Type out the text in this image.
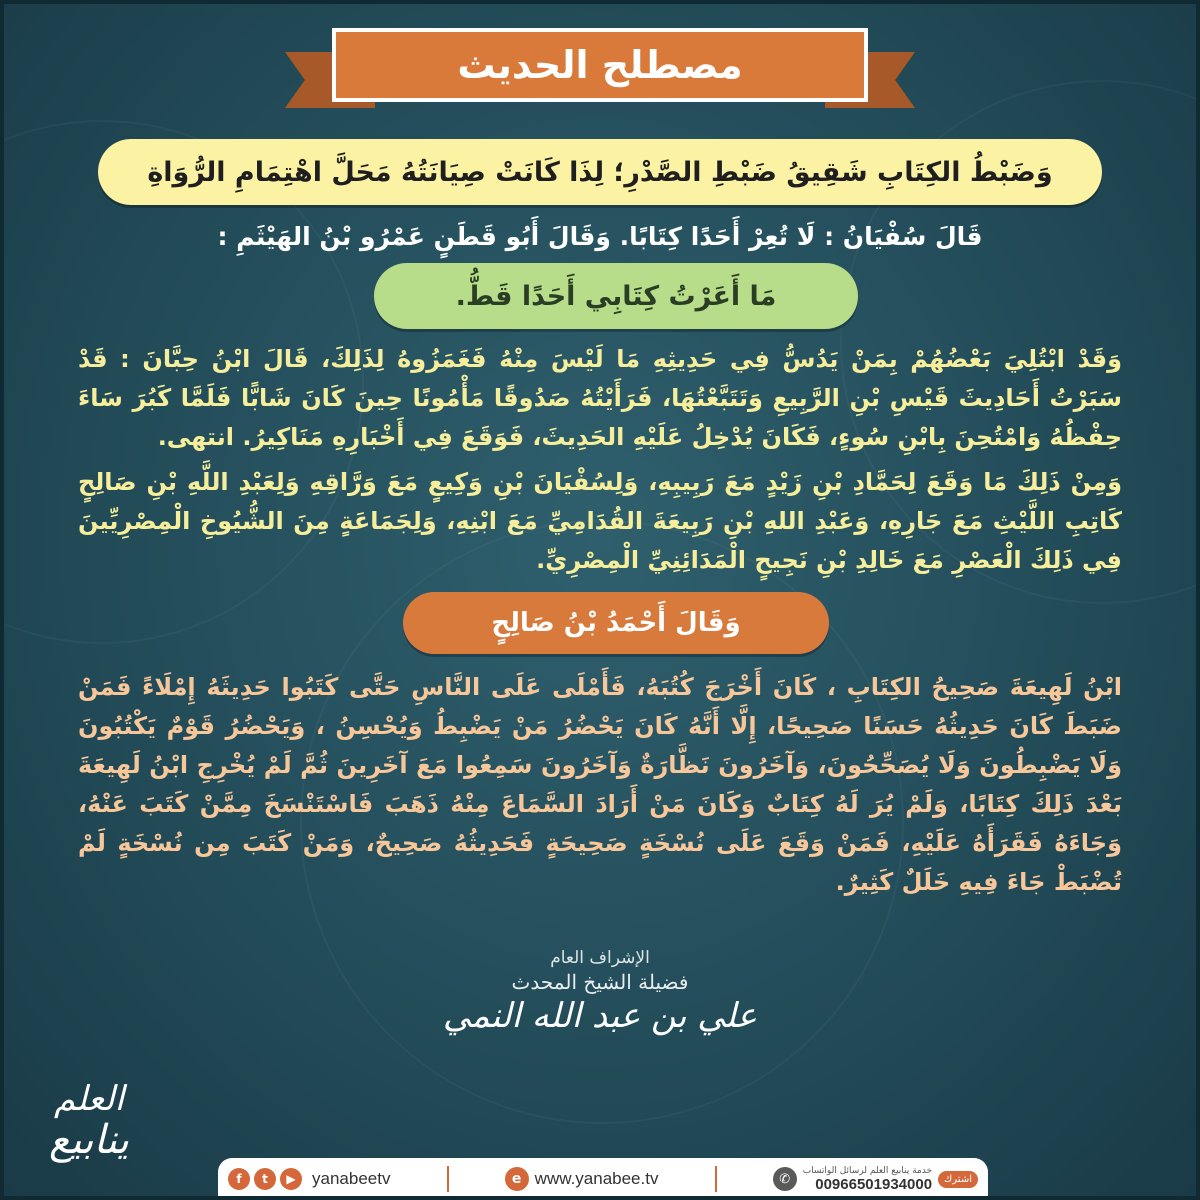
مصطلح الحديث
وَضَبْطُ الكِتَابِ شَقِيقُ ضَبْطِ الصَّدْرِ؛ لِذَا كَانَتْ صِيَانَتُهُ مَحَلَّ اهْتِمَامِ الرُّوَاةِ
قَالَ سُفْيَانُ : لَا تُعِرْ أَحَدًا كِتَابًا. وَقَالَ أَبُو قَطَنٍ عَمْرُو بْنُ الهَيْثَمِ :
مَا أَعَرْتُ كِتَابِي أَحَدًا قَطُّ.

وَقَدْ ابْتُلِيَ بَعْضُهُمْ بِمَنْ يَدُسُّ فِي حَدِيثِهِ مَا لَيْسَ مِنْهُ فَغَمَزُوهُ لِذَلِكَ، قَالَ ابْنُ حِبَّانَ : قَدْ سَبَرْتُ أَحَادِيثَ قَيْسِ بْنِ الرَّبِيعِ وَتَتَبَّعْتُهَا، فَرَأَيْتُهُ صَدُوقًا مَأْمُونًا حِينَ كَانَ شَابًّا فَلَمَّا كَبُرَ سَاءَ حِفْظُهُ وَامْتُحِنَ بِابْنِ سُوءٍ، فَكَانَ يُدْخِلُ عَلَيْهِ الحَدِيثَ، فَوَقَعَ فِي أَخْبَارِهِ مَنَاكِيرُ. انتهى.

وَمِنْ ذَلِكَ مَا وَقَعَ لِحَمَّادِ بْنِ زَيْدٍ مَعَ رَبِيبِهِ، وَلِسُفْيَانَ بْنِ وَكِيعٍ مَعَ وَرَّاقِهِ وَلِعَبْدِ اللَّهِ بْنِ صَالِحٍ كَاتِبِ اللَّيْثِ مَعَ جَارِهِ، وَعَبْدِ اللهِ بْنِ رَبِيعَةَ القُدَامِيِّ مَعَ ابْنِهِ، وَلِجَمَاعَةٍ مِنَ الشُّيُوخِ الْمِصْرِيِّينَ فِي ذَلِكَ الْعَصْرِ مَعَ خَالِدِ بْنِ نَجِيحٍ الْمَدَائِنِيِّ الْمِصْرِيِّ.

وَقَالَ أَحْمَدُ بْنُ صَالِحٍ

ابْنُ لَهِيعَةَ صَحِيحُ الكِتَابِ ، كَانَ أَخْرَجَ كُتُبَهُ، فَأَمْلَى عَلَى النَّاسِ حَتَّى كَتَبُوا حَدِيثَهُ إِمْلَاءً فَمَنْ ضَبَطَ كَانَ حَدِيثُهُ حَسَنًا صَحِيحًا، إِلَّا أَنَّهُ كَانَ يَحْضُرُ مَنْ يَضْبِطُ وَيُحْسِنُ ، وَيَحْضُرُ قَوْمٌ يَكْتُبُونَ وَلَا يَضْبِطُونَ وَلَا يُصَحِّحُونَ، وَآخَرُونَ نَظَّارَةٌ وَآخَرُونَ سَمِعُوا مَعَ آخَرِينَ ثُمَّ لَمْ يُخْرِجِ ابْنُ لَهِيعَةَ بَعْدَ ذَلِكَ كِتَابًا، وَلَمْ يُرَ لَهُ كِتَابٌ وَكَانَ مَنْ أَرَادَ السَّمَاعَ مِنْهُ ذَهَبَ فَاسْتَنْسَخَ مِمَّنْ كَتَبَ عَنْهُ، وَجَاءَهُ فَقَرَأَهُ عَلَيْهِ، فَمَنْ وَقَعَ عَلَى نُسْخَةٍ صَحِيحَةٍ فَحَدِيثُهُ صَحِيحٌ، وَمَنْ كَتَبَ مِن نُسْخَةٍ لَمْ تُضْبَطْ جَاءَ فِيهِ خَلَلٌ كَثِيرٌ.

الإشراف العام
فضيلة الشيخ المحدث
علي بن عبد الله النمي
العلم
ينابيع
f	t	▶ yanabeetv	e www.yanabee.tv	✆
خدمة ينابيع العلم لرسائل الواتساب
00966501934000	اشترك
